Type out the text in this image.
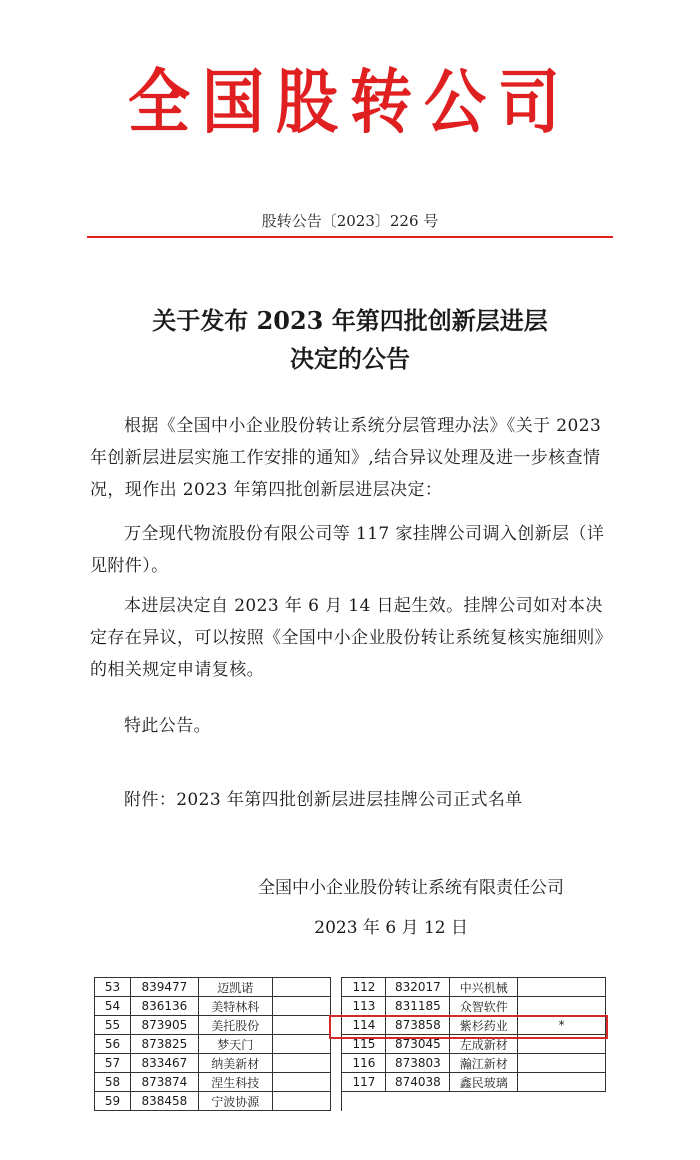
全国股转公司
股转公告〔2023〕226 号
关于发布 2023 年第四批创新层进层
决定的公告
根据《全国中小企业股份转让系统分层管理办法》《关于 2023 年创新层进层实施工作安排的通知》,结合异议处理及进一步核查情况，现作出 2023 年第四批创新层进层决定：
万全现代物流股份有限公司等 117 家挂牌公司调入创新层（详见附件）。
本进层决定自 2023 年 6 月 14 日起生效。挂牌公司如对本决定存在异议，可以按照《全国中小企业股份转让系统复核实施细则》的相关规定申请复核。
特此公告。
附件：2023 年第四批创新层进层挂牌公司正式名单
全国中小企业股份转让系统有限责任公司
2023 年 6 月 12 日
53	839477	迈凯诺			112	832017	中兴机械	
54	836136	美特林科			113	831185	众智软件	
55	873905	美托股份			114	873858	紫杉药业	*
56	873825	梦天门			115	873045	左成新材	
57	833467	纳美新材			116	873803	瀚江新材	
58	873874	涅生科技			117	874038	鑫民玻璃	
59	838458	宁波协源						
